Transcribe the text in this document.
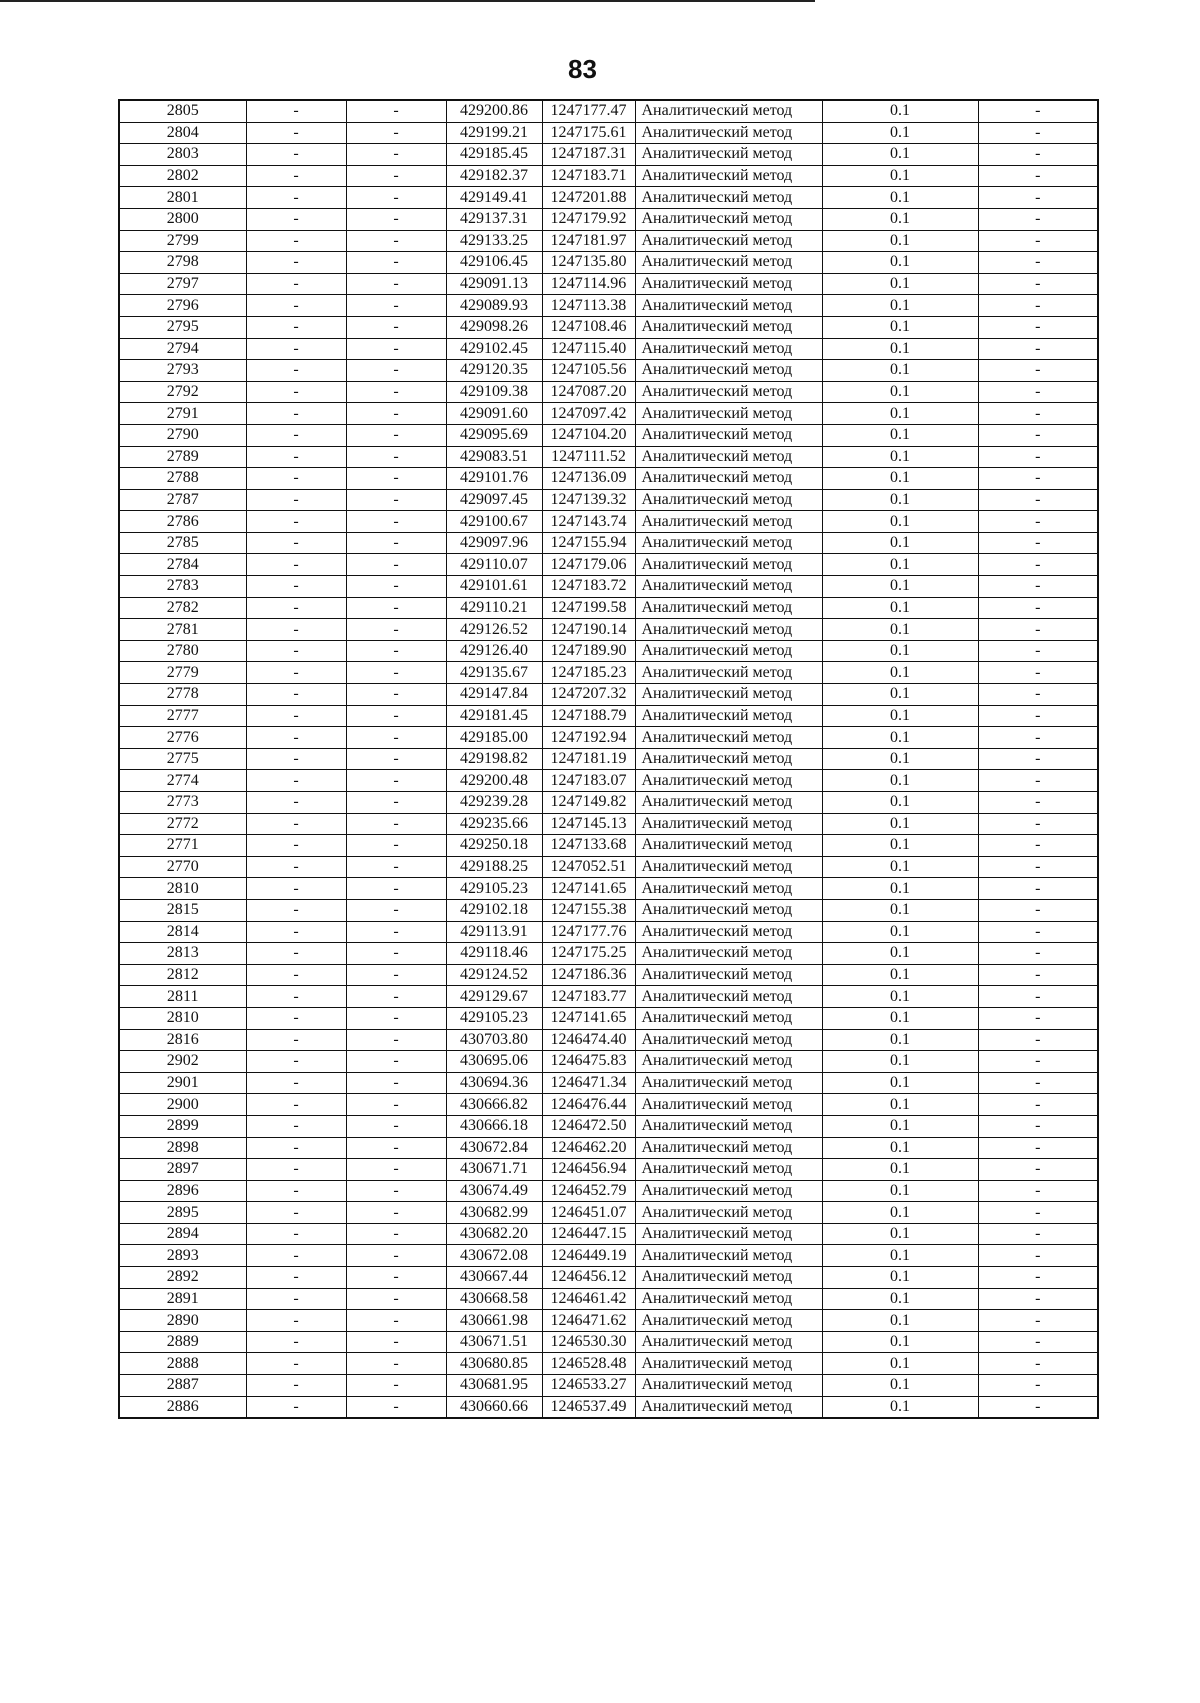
83
2805	-	-	429200.86	1247177.47	Аналитический метод	0.1	-
2804	-	-	429199.21	1247175.61	Аналитический метод	0.1	-
2803	-	-	429185.45	1247187.31	Аналитический метод	0.1	-
2802	-	-	429182.37	1247183.71	Аналитический метод	0.1	-
2801	-	-	429149.41	1247201.88	Аналитический метод	0.1	-
2800	-	-	429137.31	1247179.92	Аналитический метод	0.1	-
2799	-	-	429133.25	1247181.97	Аналитический метод	0.1	-
2798	-	-	429106.45	1247135.80	Аналитический метод	0.1	-
2797	-	-	429091.13	1247114.96	Аналитический метод	0.1	-
2796	-	-	429089.93	1247113.38	Аналитический метод	0.1	-
2795	-	-	429098.26	1247108.46	Аналитический метод	0.1	-
2794	-	-	429102.45	1247115.40	Аналитический метод	0.1	-
2793	-	-	429120.35	1247105.56	Аналитический метод	0.1	-
2792	-	-	429109.38	1247087.20	Аналитический метод	0.1	-
2791	-	-	429091.60	1247097.42	Аналитический метод	0.1	-
2790	-	-	429095.69	1247104.20	Аналитический метод	0.1	-
2789	-	-	429083.51	1247111.52	Аналитический метод	0.1	-
2788	-	-	429101.76	1247136.09	Аналитический метод	0.1	-
2787	-	-	429097.45	1247139.32	Аналитический метод	0.1	-
2786	-	-	429100.67	1247143.74	Аналитический метод	0.1	-
2785	-	-	429097.96	1247155.94	Аналитический метод	0.1	-
2784	-	-	429110.07	1247179.06	Аналитический метод	0.1	-
2783	-	-	429101.61	1247183.72	Аналитический метод	0.1	-
2782	-	-	429110.21	1247199.58	Аналитический метод	0.1	-
2781	-	-	429126.52	1247190.14	Аналитический метод	0.1	-
2780	-	-	429126.40	1247189.90	Аналитический метод	0.1	-
2779	-	-	429135.67	1247185.23	Аналитический метод	0.1	-
2778	-	-	429147.84	1247207.32	Аналитический метод	0.1	-
2777	-	-	429181.45	1247188.79	Аналитический метод	0.1	-
2776	-	-	429185.00	1247192.94	Аналитический метод	0.1	-
2775	-	-	429198.82	1247181.19	Аналитический метод	0.1	-
2774	-	-	429200.48	1247183.07	Аналитический метод	0.1	-
2773	-	-	429239.28	1247149.82	Аналитический метод	0.1	-
2772	-	-	429235.66	1247145.13	Аналитический метод	0.1	-
2771	-	-	429250.18	1247133.68	Аналитический метод	0.1	-
2770	-	-	429188.25	1247052.51	Аналитический метод	0.1	-
2810	-	-	429105.23	1247141.65	Аналитический метод	0.1	-
2815	-	-	429102.18	1247155.38	Аналитический метод	0.1	-
2814	-	-	429113.91	1247177.76	Аналитический метод	0.1	-
2813	-	-	429118.46	1247175.25	Аналитический метод	0.1	-
2812	-	-	429124.52	1247186.36	Аналитический метод	0.1	-
2811	-	-	429129.67	1247183.77	Аналитический метод	0.1	-
2810	-	-	429105.23	1247141.65	Аналитический метод	0.1	-
2816	-	-	430703.80	1246474.40	Аналитический метод	0.1	-
2902	-	-	430695.06	1246475.83	Аналитический метод	0.1	-
2901	-	-	430694.36	1246471.34	Аналитический метод	0.1	-
2900	-	-	430666.82	1246476.44	Аналитический метод	0.1	-
2899	-	-	430666.18	1246472.50	Аналитический метод	0.1	-
2898	-	-	430672.84	1246462.20	Аналитический метод	0.1	-
2897	-	-	430671.71	1246456.94	Аналитический метод	0.1	-
2896	-	-	430674.49	1246452.79	Аналитический метод	0.1	-
2895	-	-	430682.99	1246451.07	Аналитический метод	0.1	-
2894	-	-	430682.20	1246447.15	Аналитический метод	0.1	-
2893	-	-	430672.08	1246449.19	Аналитический метод	0.1	-
2892	-	-	430667.44	1246456.12	Аналитический метод	0.1	-
2891	-	-	430668.58	1246461.42	Аналитический метод	0.1	-
2890	-	-	430661.98	1246471.62	Аналитический метод	0.1	-
2889	-	-	430671.51	1246530.30	Аналитический метод	0.1	-
2888	-	-	430680.85	1246528.48	Аналитический метод	0.1	-
2887	-	-	430681.95	1246533.27	Аналитический метод	0.1	-
2886	-	-	430660.66	1246537.49	Аналитический метод	0.1	-
